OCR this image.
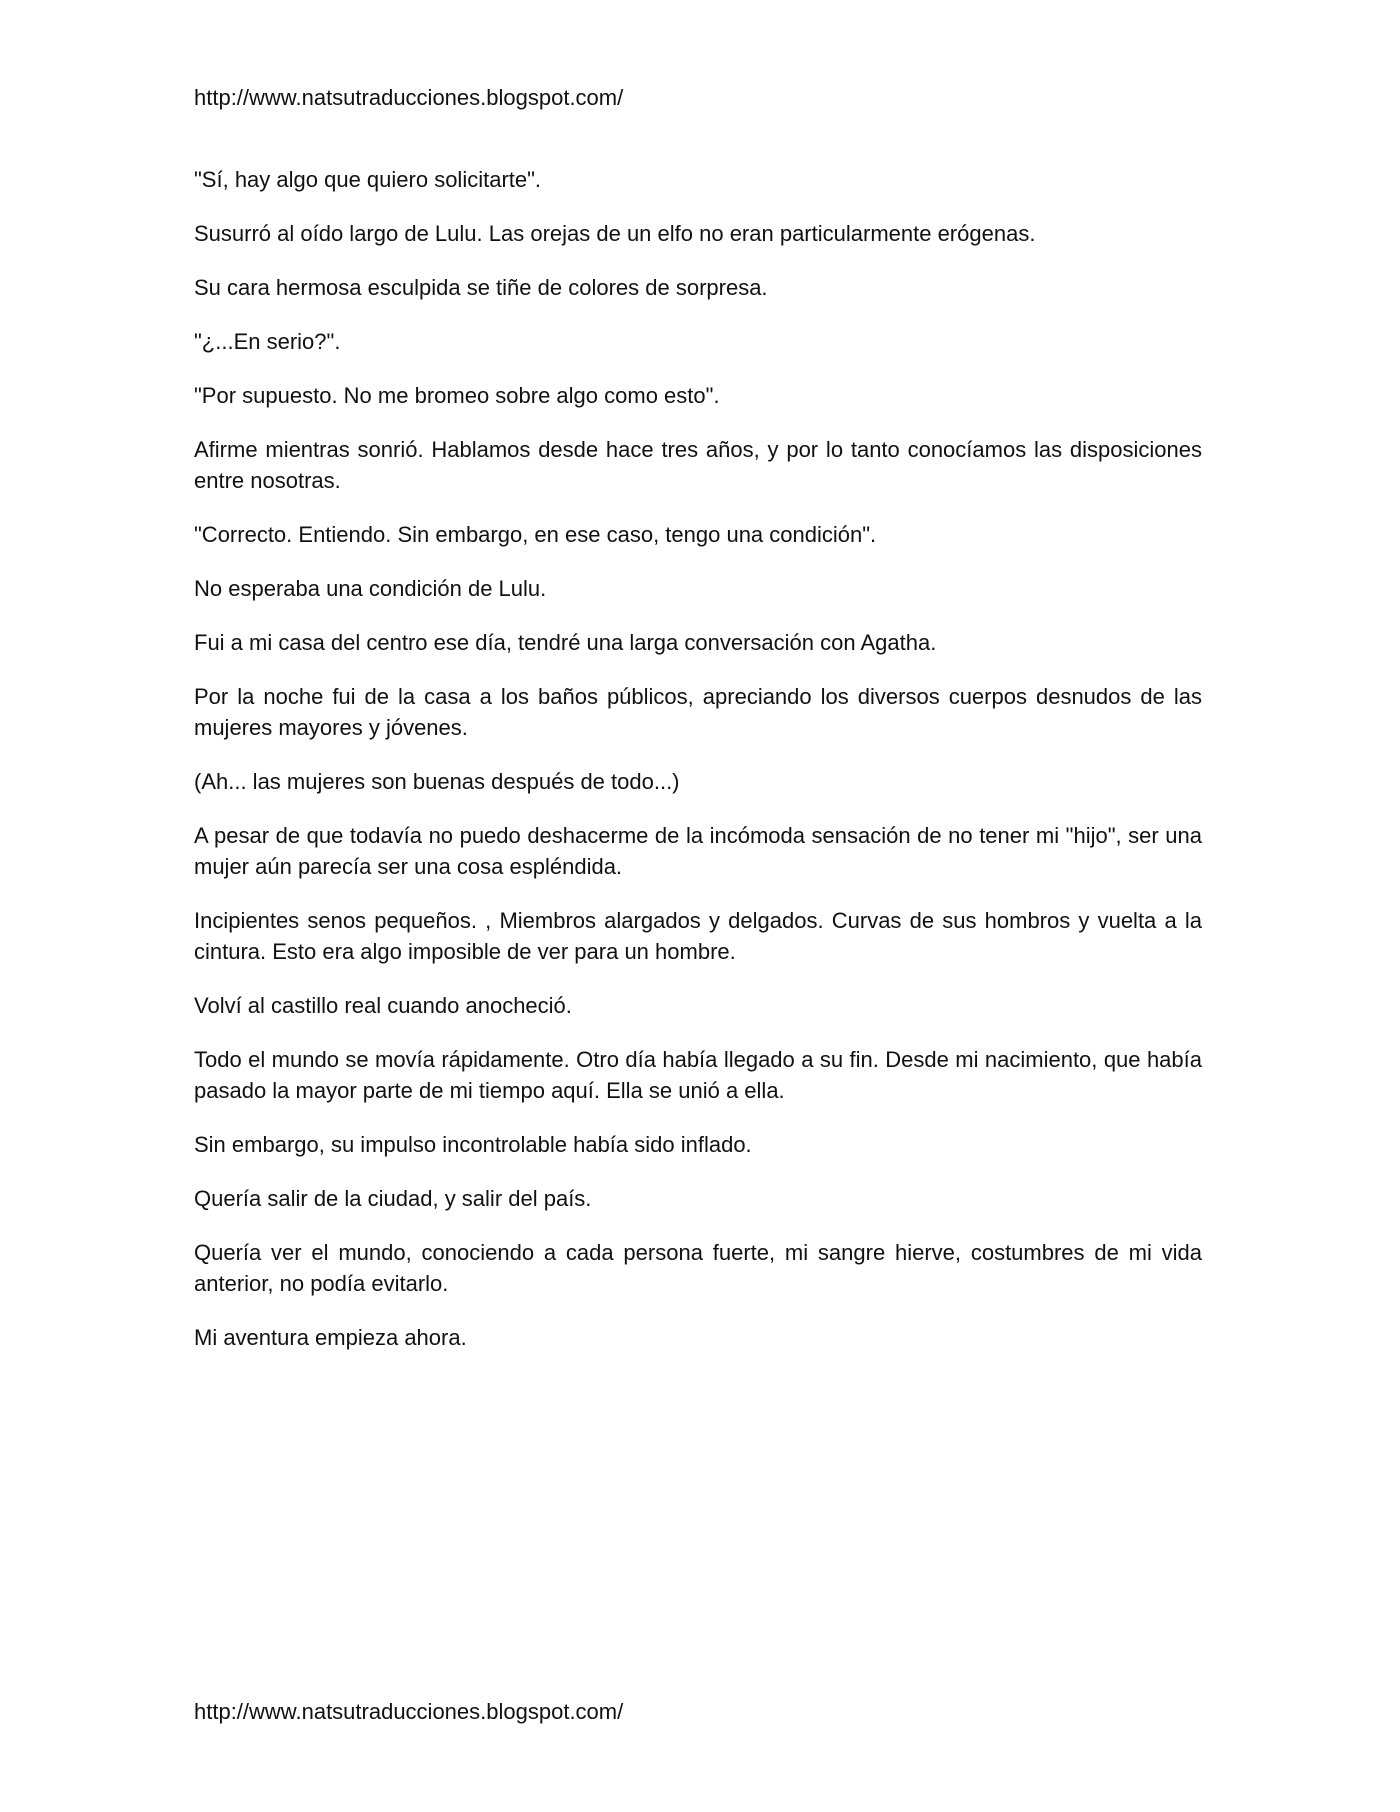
http://www.natsutraducciones.blogspot.com/

"Sí, hay algo que quiero solicitarte".

Susurró al oído largo de Lulu. Las orejas de un elfo no eran particularmente erógenas.

Su cara hermosa esculpida se tiñe de colores de sorpresa.

"¿...En serio?".

"Por supuesto. No me bromeo sobre algo como esto".

Afirme mientras sonrió. Hablamos desde hace tres años, y por lo tanto conocíamos las disposiciones entre nosotras.

"Correcto. Entiendo. Sin embargo, en ese caso, tengo una condición".

No esperaba una condición de Lulu.

Fui a mi casa del centro ese día, tendré una larga conversación con Agatha.

Por la noche fui de la casa a los baños públicos, apreciando los diversos cuerpos desnudos de las mujeres mayores y jóvenes.

(Ah... las mujeres son buenas después de todo...)

A pesar de que todavía no puedo deshacerme de la incómoda sensación de no tener mi "hijo", ser una mujer aún parecía ser una cosa espléndida.

Incipientes senos pequeños. , Miembros alargados y delgados. Curvas de sus hombros y vuelta a la cintura. Esto era algo imposible de ver para un hombre.

Volví al castillo real cuando anocheció.

Todo el mundo se movía rápidamente. Otro día había llegado a su fin. Desde mi nacimiento, que había pasado la mayor parte de mi tiempo aquí. Ella se unió a ella.

Sin embargo, su impulso incontrolable había sido inflado.

Quería salir de la ciudad, y salir del país.

Quería ver el mundo, conociendo a cada persona fuerte, mi sangre hierve, costumbres de mi vida anterior, no podía evitarlo.

Mi aventura empieza ahora.

http://www.natsutraducciones.blogspot.com/
